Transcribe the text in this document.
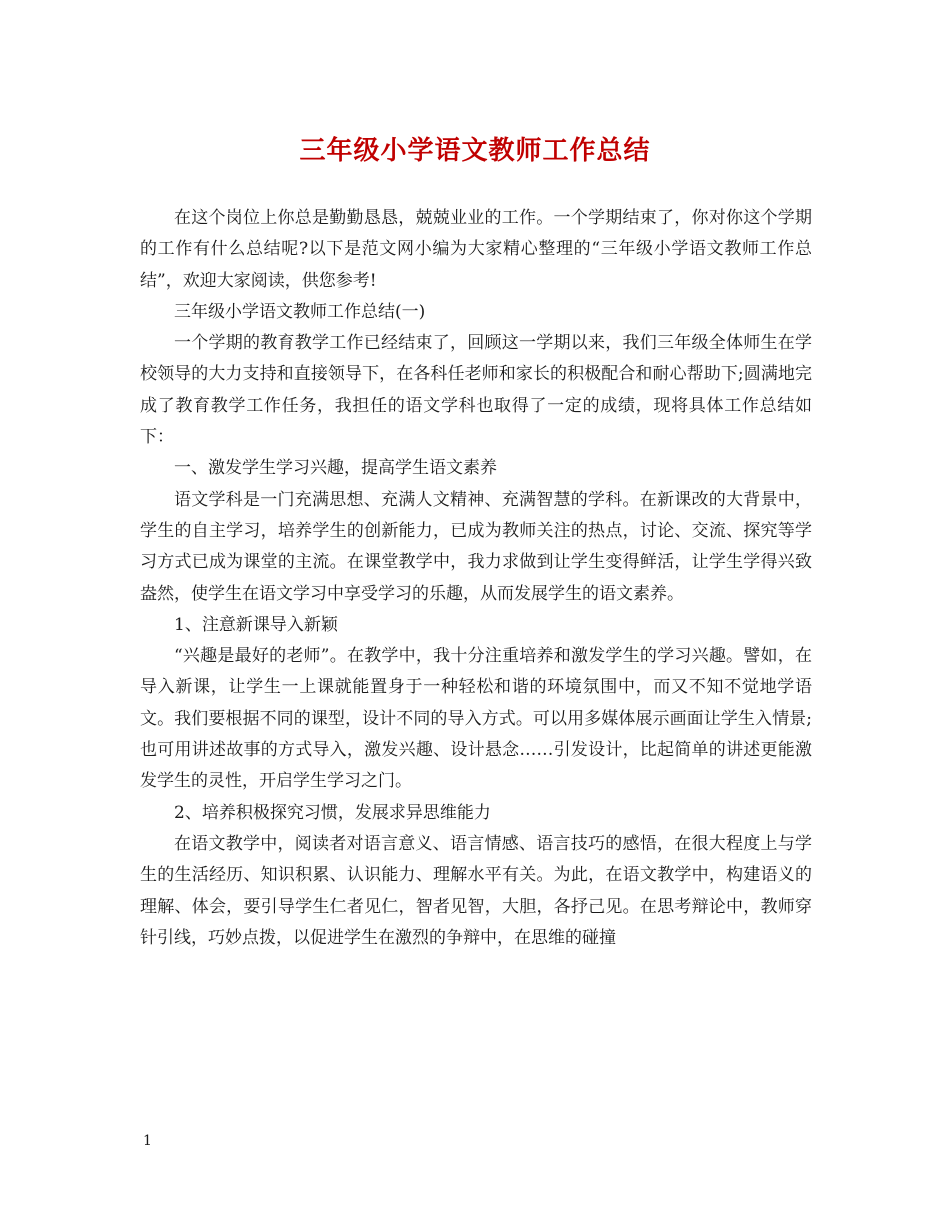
三年级小学语文教师工作总结

在这个岗位上你总是勤勤恳恳，兢兢业业的工作。一个学期结束了，你对你这个学期的工作有什么总结呢?以下是范文网小编为大家精心整理的“三年级小学语文教师工作总结”，欢迎大家阅读，供您参考!

三年级小学语文教师工作总结(一)

一个学期的教育教学工作已经结束了，回顾这一学期以来，我们三年级全体师生在学校领导的大力支持和直接领导下，在各科任老师和家长的积极配合和耐心帮助下;圆满地完成了教育教学工作任务，我担任的语文学科也取得了一定的成绩，现将具体工作总结如下：

一、激发学生学习兴趣，提高学生语文素养

语文学科是一门充满思想、充满人文精神、充满智慧的学科。在新课改的大背景中，学生的自主学习，培养学生的创新能力，已成为教师关注的热点，讨论、交流、探究等学习方式已成为课堂的主流。在课堂教学中，我力求做到让学生变得鲜活，让学生学得兴致盎然，使学生在语文学习中享受学习的乐趣，从而发展学生的语文素养。

1、注意新课导入新颖

“兴趣是最好的老师”。在教学中，我十分注重培养和激发学生的学习兴趣。譬如，在导入新课，让学生一上课就能置身于一种轻松和谐的环境氛围中，而又不知不觉地学语文。我们要根据不同的课型，设计不同的导入方式。可以用多媒体展示画面让学生入情景;也可用讲述故事的方式导入，激发兴趣、设计悬念……引发设计，比起简单的讲述更能激发学生的灵性，开启学生学习之门。

2、培养积极探究习惯，发展求异思维能力

在语文教学中，阅读者对语言意义、语言情感、语言技巧的感悟，在很大程度上与学生的生活经历、知识积累、认识能力、理解水平有关。为此，在语文教学中，构建语义的理解、体会，要引导学生仁者见仁，智者见智，大胆，各抒己见。在思考辩论中，教师穿针引线，巧妙点拨，以促进学生在激烈的争辩中，在思维的碰撞

1
